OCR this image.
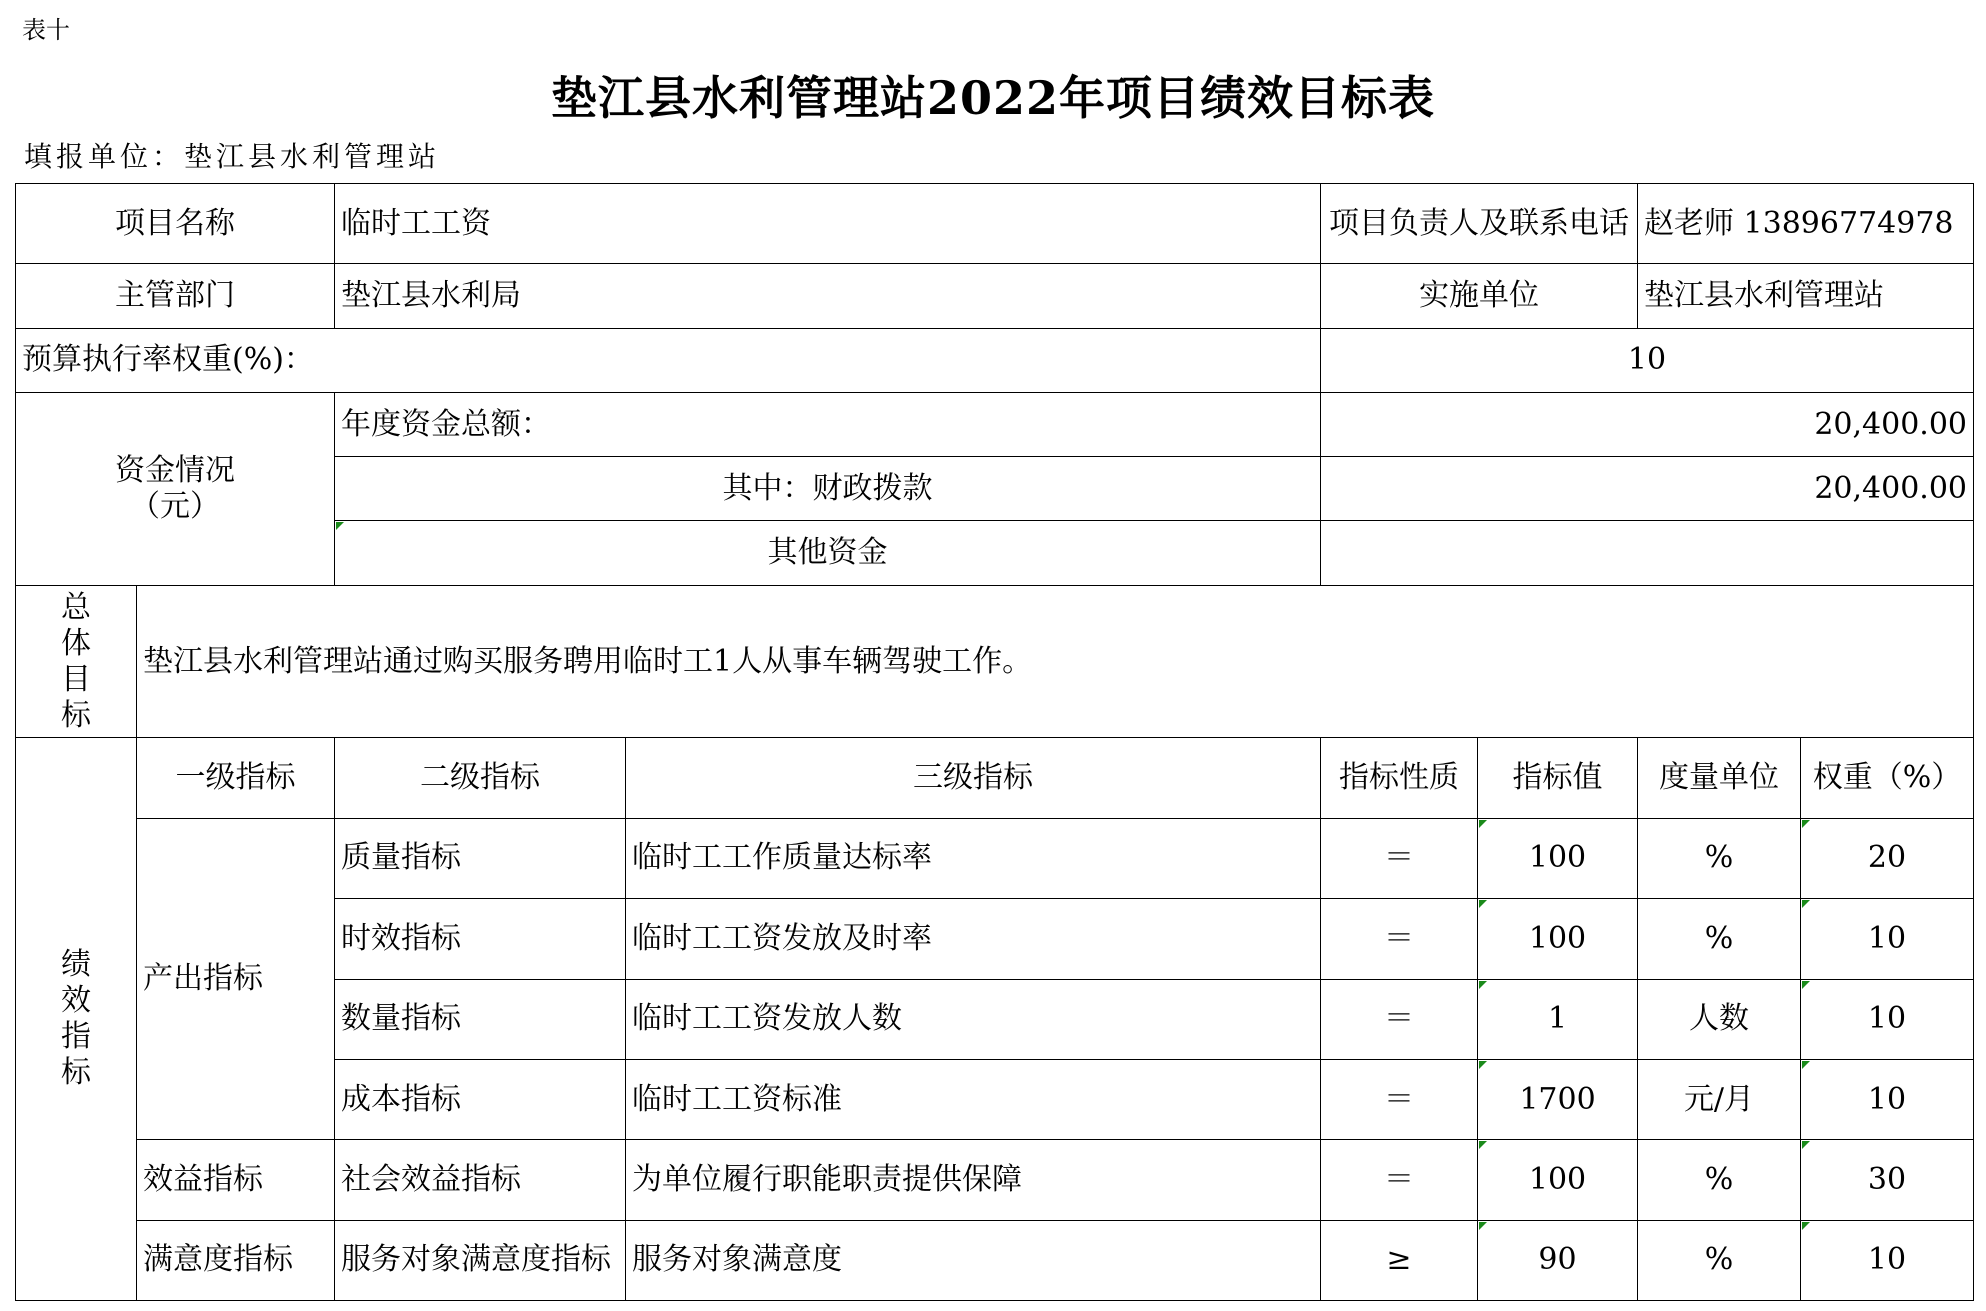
表十
垫江县水利管理站2022年项目绩效目标表
填报单位：垫江县水利管理站
项目名称		临时工工资		项目负责人及联系电话		赵老师 13896774978	
主管部门		垫江县水利局		实施单位		垫江县水利管理站	
预算执行率权重(%)：				10			
资金情况
（元）		年度资金总额：		20,400.00			
		其中：财政拨款		20,400.00			
		其他资金					
总
体
目
标	垫江县水利管理站通过购买服务聘用临时工1人从事车辆驾驶工作。						
绩
效
指
标	一级指标	二级指标	三级指标	指标性质	指标值	度量单位	权重（%）
	产出指标	质量指标	临时工工作质量达标率	＝	100	%	20
		时效指标	临时工工资发放及时率	＝	100	%	10
		数量指标	临时工工资发放人数	＝	1	人数	10
		成本指标	临时工工资标准	＝	1700	元/月	10
	效益指标	社会效益指标	为单位履行职能职责提供保障	＝	100	%	30
	满意度指标	服务对象满意度指标	服务对象满意度	≥	90	%	10
